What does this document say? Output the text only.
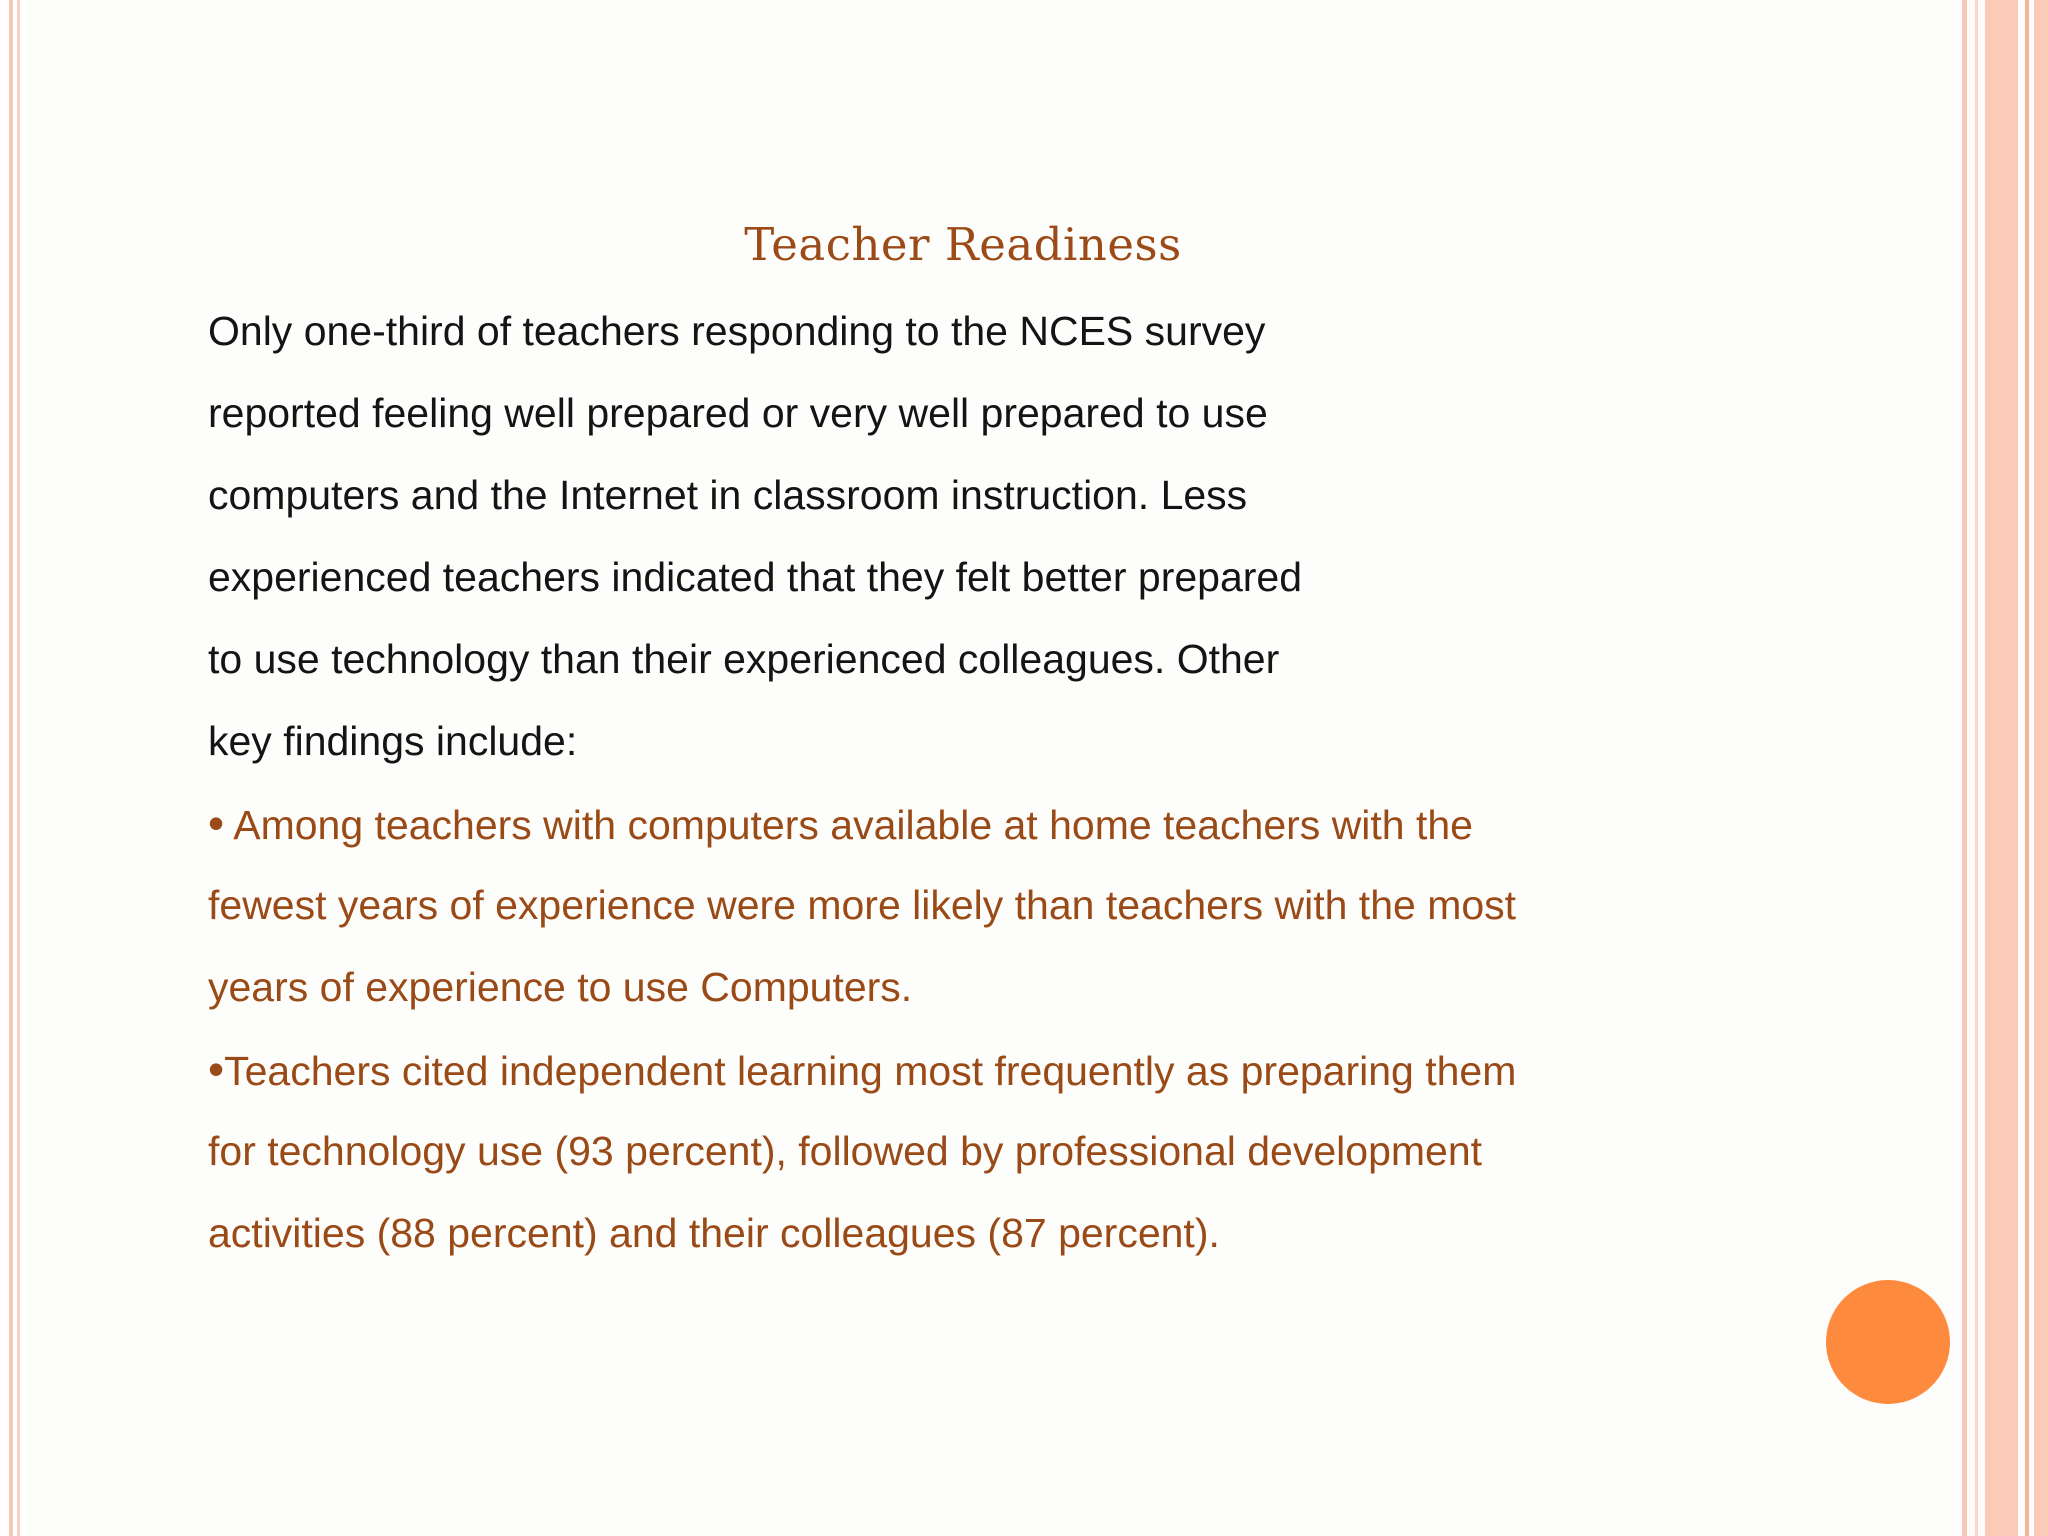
Teacher Readiness
Only one-third of teachers responding to the NCES survey
reported feeling well prepared or very well prepared to use
computers and the Internet in classroom instruction. Less
experienced teachers indicated that they felt better prepared
to use technology than their experienced colleagues. Other
key findings include:
• Among teachers with computers available at home teachers with the
fewest years of experience were more likely than teachers with the most
years of experience to use Computers.
•Teachers cited independent learning most frequently as preparing them
for technology use (93 percent), followed by professional development
activities (88 percent) and their colleagues (87 percent).
